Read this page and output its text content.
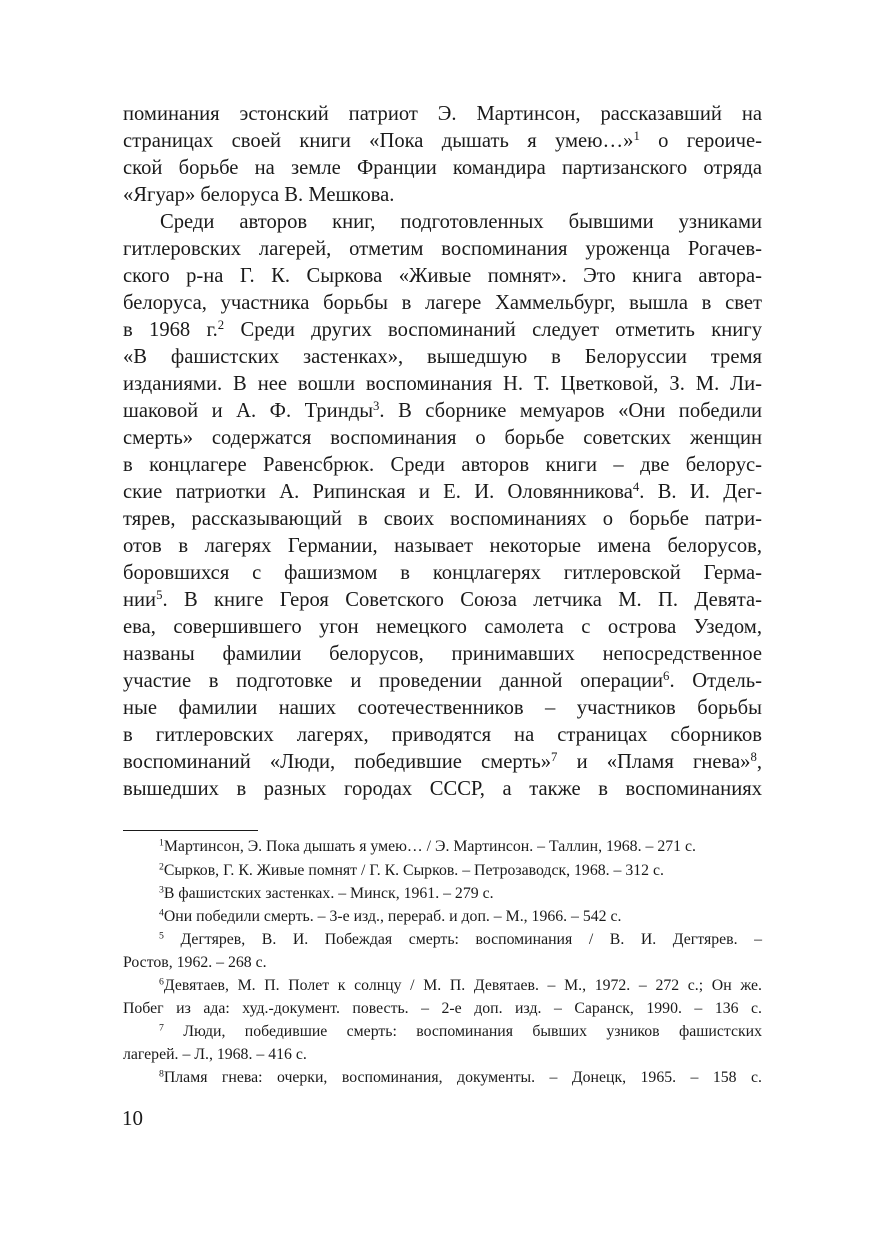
поминания эстонский патриот Э. Мартинсон, рассказавший на
страницах своей книги «Пока дышать я умею…»$^1$ о героиче-
ской борьбе на земле Франции командира партизанского отряда
«Ягуар» белоруса В. Мешкова.
Среди авторов книг, подготовленных бывшими узниками
гитлеровских лагерей, отметим воспоминания уроженца Рогачев-
ского р-на Г. К. Сыркова «Живые помнят». Это книга автора-
белоруса, участника борьбы в лагере Хаммельбург, вышла в свет
в 1968 г.$^2$ Среди других воспоминаний следует отметить книгу
«В фашистских застенках», вышедшую в Белоруссии тремя
изданиями. В нее вошли воспоминания Н. Т. Цветковой, З. М. Ли-
шаковой и А. Ф. Тринды$^3$. В сборнике мемуаров «Они победили
смерть» содержатся воспоминания о борьбе советских женщин
в концлагере Равенсбрюк. Среди авторов книги – две белорус-
ские патриотки А. Рипинская и Е. И. Оловянникова$^4$. В. И. Дег-
тярев, рассказывающий в своих воспоминаниях о борьбе патри-
отов в лагерях Германии, называет некоторые имена белорусов,
боровшихся с фашизмом в концлагерях гитлеровской Герма-
нии$^5$. В книге Героя Советского Союза летчика М. П. Девята-
ева, совершившего угон немецкого самолета с острова Узедом,
названы фамилии белорусов, принимавших непосредственное
участие в подготовке и проведении данной операции$^6$. Отдель-
ные фамилии наших соотечественников – участников борьбы
в гитлеровских лагерях, приводятся на страницах сборников
воспоминаний «Люди, победившие смерть»$^7$ и «Пламя гнева»$^8$,
вышедших в разных городах СССР, а также в воспоминаниях
$^1$Мартинсон, Э. Пока дышать я умею… / Э. Мартинсон. – Таллин, 1968. – 271 с.
$^2$Сырков, Г. К. Живые помнят / Г. К. Сырков. – Петрозаводск, 1968. – 312 с.
$^3$В фашистских застенках. – Минск, 1961. – 279 с.
$^4$Они победили смерть. – 3-е изд., перераб. и доп. – М., 1966. – 542 с.
$^5$ Дегтярев, В. И. Побеждая смерть: воспоминания / В. И. Дегтярев. –
Ростов, 1962. – 268 с.
$^6$Девятаев, М. П. Полет к солнцу / М. П. Девятаев. – М., 1972. – 272 с.; Он же.
Побег из ада: худ.-документ. повесть. – 2-е доп. изд. – Саранск, 1990. – 136 с.
$^7$ Люди, победившие смерть: воспоминания бывших узников фашистских
лагерей. – Л., 1968. – 416 с.
$^8$Пламя гнева: очерки, воспоминания, документы. – Донецк, 1965. – 158 с.
10
